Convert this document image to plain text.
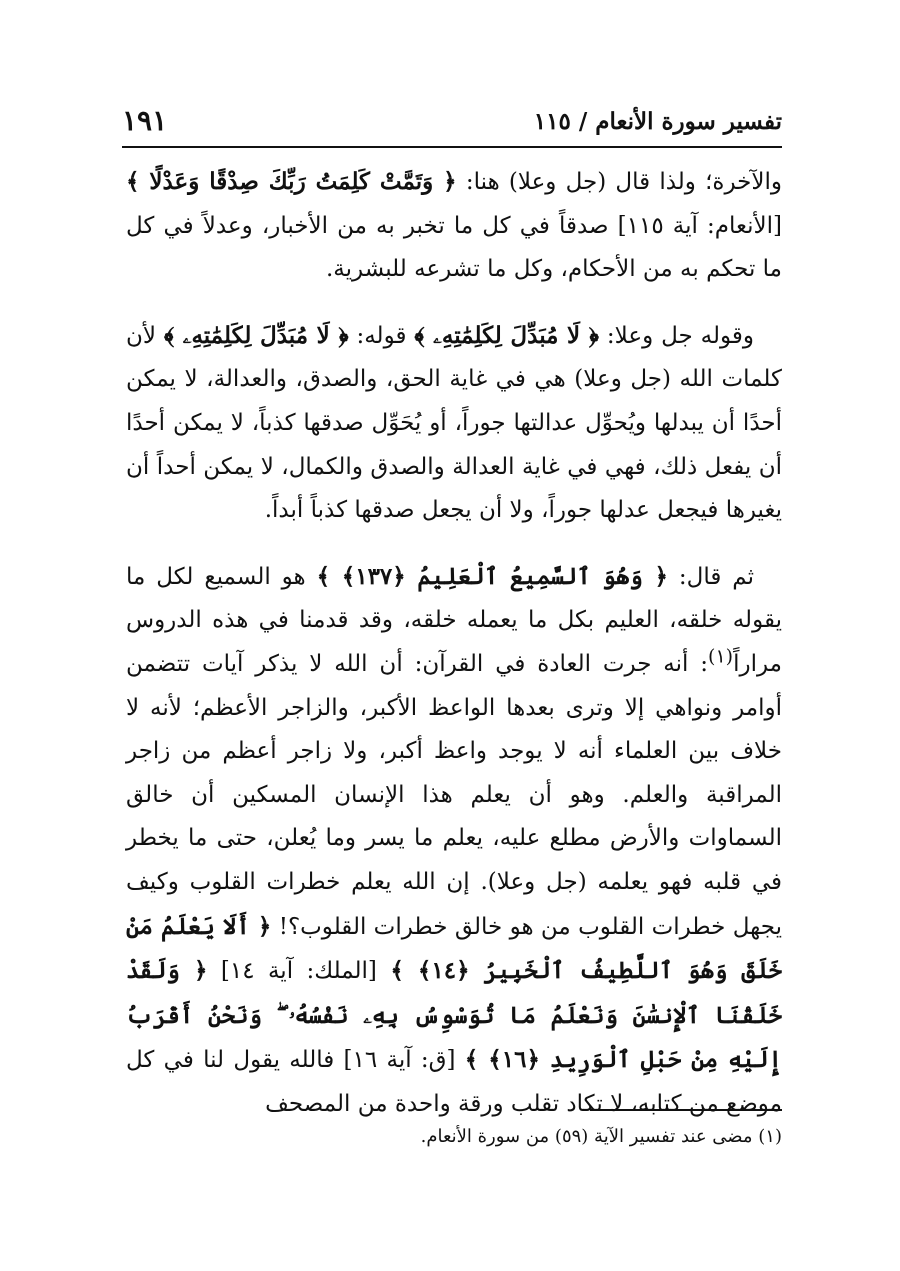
تفسير سورة الأنعام / ١١٥
١٩١

والآخرة؛ ولذا قال (جل وعلا) هنا: ﴿ وَتَمَّتْ كَلِمَتُ رَبِّكَ صِدْقًا وَعَدْلًا ﴾ [الأنعام: آية ١١٥] صدقاً في كل ما تخبر به من الأخبار، وعدلاً في كل ما تحكم به من الأحكام، وكل ما تشرعه للبشرية.

وقوله جل وعلا: ﴿ لَا مُبَدِّلَ لِكَلِمَٰتِهِۦ ﴾ قوله: ﴿ لَا مُبَدِّلَ لِكَلِمَٰتِهِۦ ﴾ لأن كلمات الله (جل وعلا) هي في غاية الحق، والصدق، والعدالة، لا يمكن أحدًا أن يبدلها ويُحوِّل عدالتها جوراً، أو يُحَوِّل صدقها كذباً، لا يمكن أحدًا أن يفعل ذلك، فهي في غاية العدالة والصدق والكمال، لا يمكن أحداً أن يغيرها فيجعل عدلها جوراً، ولا أن يجعل صدقها كذباً أبداً.

ثم قال: ﴿ وَهُوَ ٱلسَّمِيعُ ٱلْعَلِيمُ ﴿١٣٧﴾ ﴾ هو السميع لكل ما يقوله خلقه، العليم بكل ما يعمله خلقه، وقد قدمنا في هذه الدروس مراراً$^{(١)}$: أنه جرت العادة في القرآن: أن الله لا يذكر آيات تتضمن أوامر ونواهي إلا وترى بعدها الواعظ الأكبر، والزاجر الأعظم؛ لأنه لا خلاف بين العلماء أنه لا يوجد واعظ أكبر، ولا زاجر أعظم من زاجر المراقبة والعلم. وهو أن يعلم هذا الإنسان المسكين أن خالق السماوات والأرض مطلع عليه، يعلم ما يسر وما يُعلن، حتى ما يخطر في قلبه فهو يعلمه (جل وعلا). إن الله يعلم خطرات القلوب وكيف يجهل خطرات القلوب من هو خالق خطرات القلوب؟! ﴿ أَلَا يَعْلَمُ مَنْ خَلَقَ وَهُوَ ٱللَّطِيفُ ٱلْخَبِيرُ ﴿١٤﴾ ﴾ [الملك: آية ١٤] ﴿ وَلَقَدْ خَلَقْنَا ٱلْإِنسَٰنَ وَنَعْلَمُ مَا تُوَسْوِسُ بِهِۦ نَفْسُهُۥ ۖ وَنَحْنُ أَقْرَبُ إِلَيْهِ مِنْ حَبْلِ ٱلْوَرِيدِ ﴿١٦﴾ ﴾ [ق: آية ١٦] فالله يقول لنا في كل موضع من كتابه، لا تكاد تقلب ورقة واحدة من المصحف

(١) مضى عند تفسير الآية (٥٩) من سورة الأنعام.
